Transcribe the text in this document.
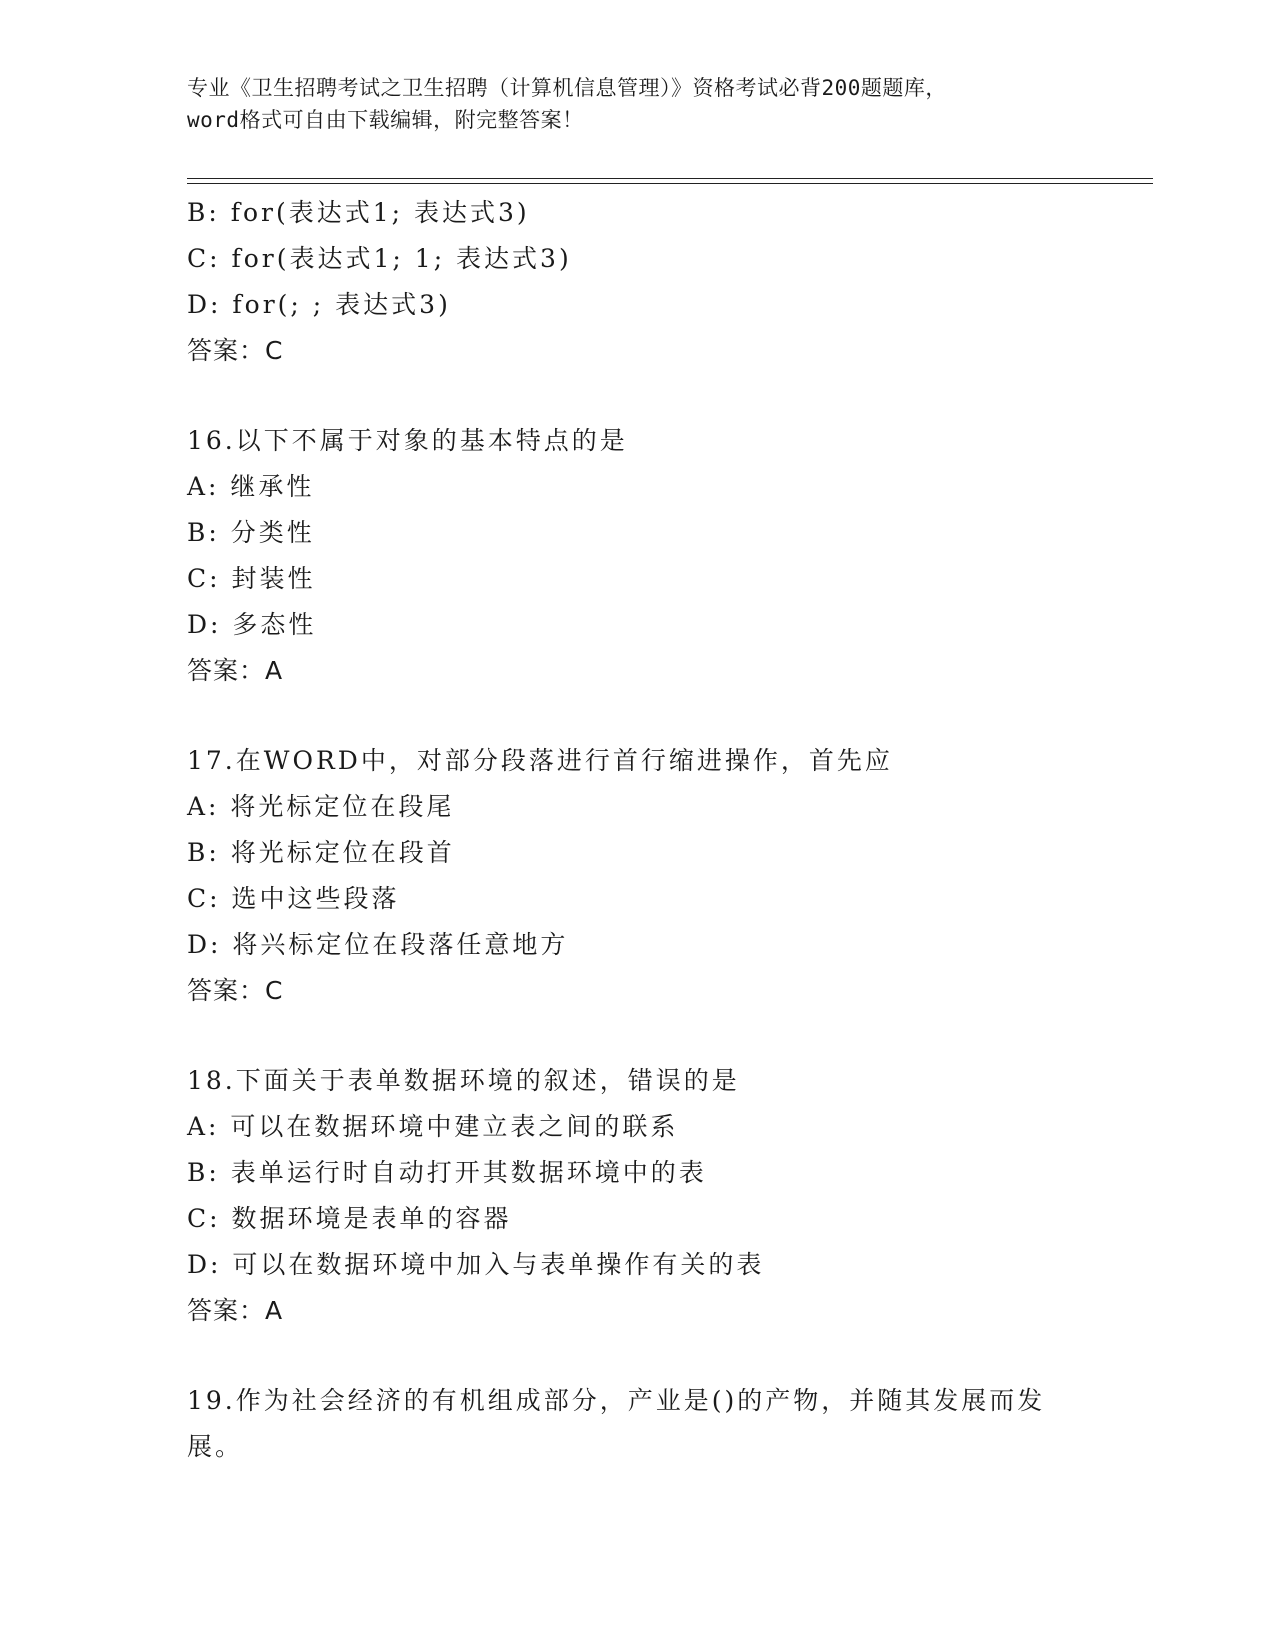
专业《卫生招聘考试之卫生招聘（计算机信息管理）》资格考试必背200题题库，
word格式可自由下载编辑，附完整答案！
B: for(表达式1; 表达式3)
C: for(表达式1; 1; 表达式3)
D: for(; ; 表达式3)
答案：C
16.以下不属于对象的基本特点的是
A: 继承性
B: 分类性
C: 封装性
D: 多态性
答案：A
17.在WORD中，对部分段落进行首行缩进操作，首先应
A: 将光标定位在段尾
B: 将光标定位在段首
C: 选中这些段落
D: 将兴标定位在段落任意地方
答案：C
18.下面关于表单数据环境的叙述，错误的是
A: 可以在数据环境中建立表之间的联系
B: 表单运行时自动打开其数据环境中的表
C: 数据环境是表单的容器
D: 可以在数据环境中加入与表单操作有关的表
答案：A
19.作为社会经济的有机组成部分，产业是()的产物，并随其发展而发
展。
